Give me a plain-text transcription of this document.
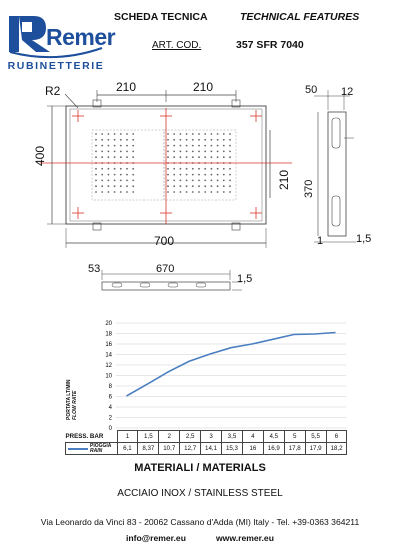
Remer
RUBINETTERIE
SCHEDA TECNICA	TECHNICAL FEATURES
ART. COD.	357 SFR 7040
R2	210	210
400
210
700
50 12
370
1	1,5
53	670
1,5
PORTATA LT/MIN
FLOW RATE
0
2
4
6
8
10
12
14
16
18
20
PRESS. BAR	1	1,5	2	2,5	3	3,5	4	4,5	5	5,5	6
PIOGGIA
RAIN	6,1	8,37	10,7	12,7	14,1	15,3	16	16,9	17,8	17,9	18,2
MATERIALI / MATERIALS
ACCIAIO INOX / STAINLESS STEEL
Via Leonardo da Vinci 83 - 20062 Cassano d'Adda (MI) Italy - Tel. +39-0363 364211
info@remer.eu	www.remer.eu
